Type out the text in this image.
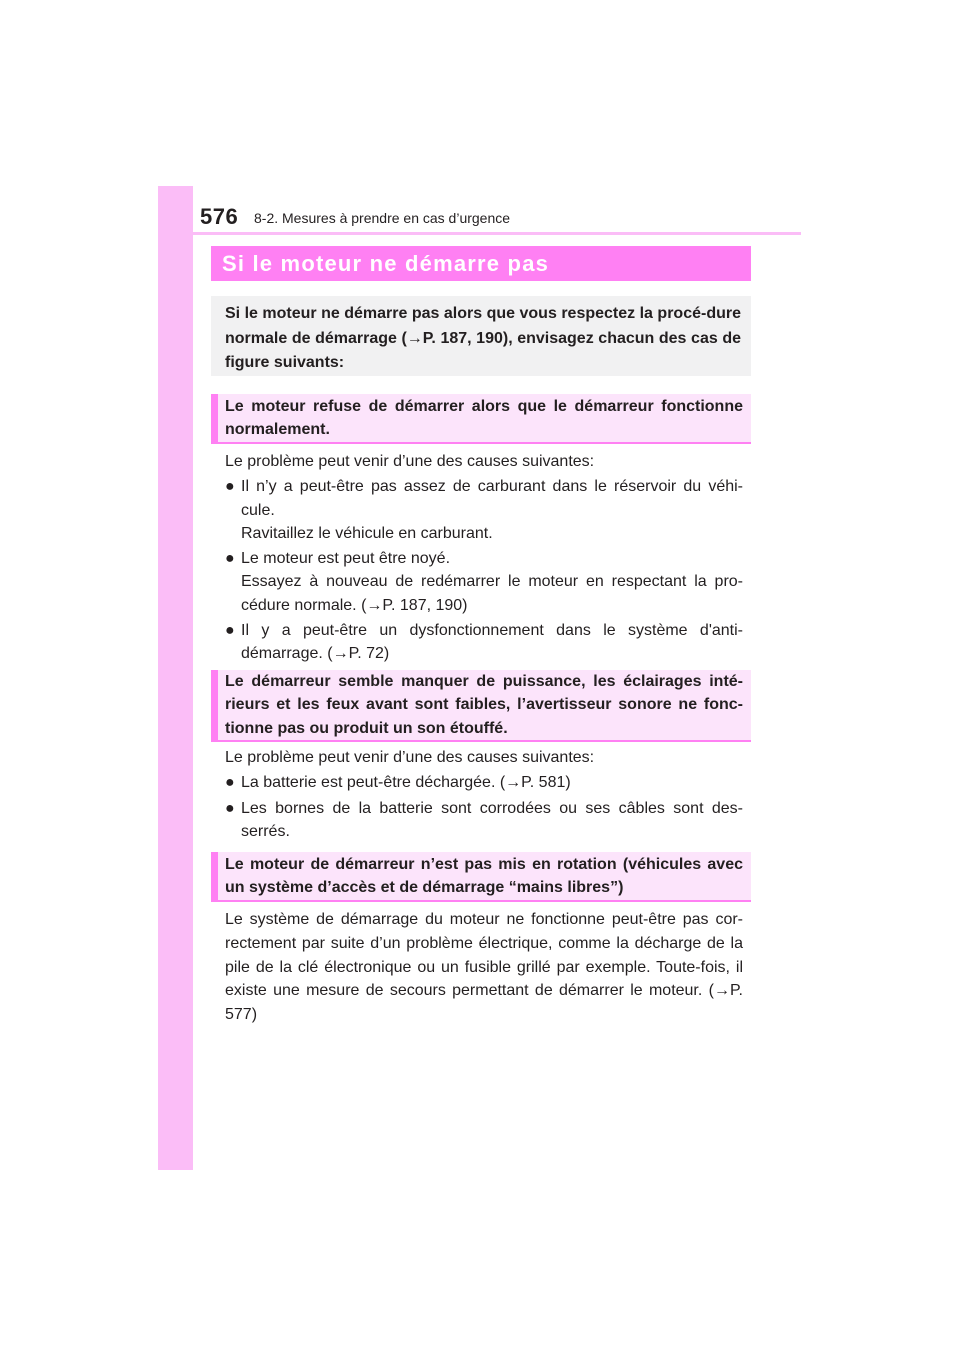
576 8-2. Mesures à prendre en cas d’urgence
Si le moteur ne démarre pas
Si le moteur ne démarre pas alors que vous respectez la procé-dure normale de démarrage (→P. 187, 190), envisagez chacun des cas de figure suivants:
Le moteur refuse de démarrer alors que le démarreur fonctionne normalement.

Le problème peut venir d’une des causes suivantes:

● Il n’y a peut-être pas assez de carburant dans le réservoir du véhi-cule.
Ravitaillez le véhicule en carburant.
● Le moteur est peut être noyé.
Essayez à nouveau de redémarrer le moteur en respectant la pro-cédure normale. (→P. 187, 190)
● Il y a peut-être un dysfonctionnement dans le système d'anti-démarrage. (→P. 72)
Le démarreur semble manquer de puissance, les éclairages inté-rieurs et les feux avant sont faibles, l’avertisseur sonore ne fonc-tionne pas ou produit un son étouffé.

Le problème peut venir d’une des causes suivantes:

● La batterie est peut-être déchargée. (→P. 581)
● Les bornes de la batterie sont corrodées ou ses câbles sont des-serrés.
Le moteur de démarreur n’est pas mis en rotation (véhicules avec un système d’accès et de démarrage “mains libres”)

Le système de démarrage du moteur ne fonctionne peut-être pas cor-rectement par suite d’un problème électrique, comme la décharge de la pile de la clé électronique ou un fusible grillé par exemple. Toute-fois, il existe une mesure de secours permettant de démarrer le moteur. (→P. 577)
